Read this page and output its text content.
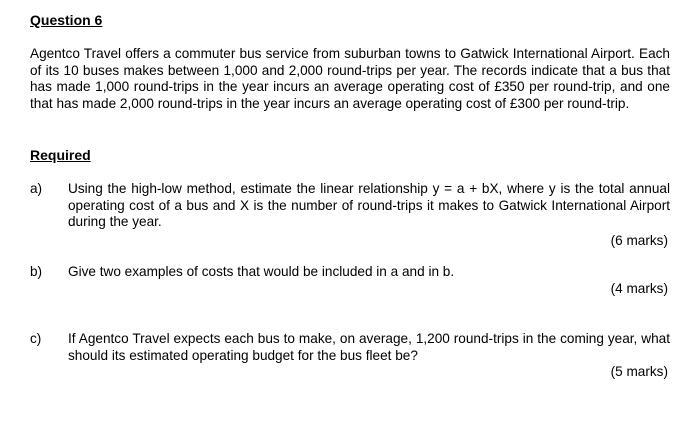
Question 6
Agentco Travel offers a commuter bus service from suburban towns to Gatwick International Airport. Each of its 10 buses makes between 1,000 and 2,000 round-trips per year. The records indicate that a bus that has made 1,000 round-trips in the year incurs an average operating cost of £350 per round-trip, and one that has made 2,000 round-trips in the year incurs an average operating cost of £300 per round-trip.
Required
a) Using the high-low method, estimate the linear relationship y = a + bX, where y is the total annual operating cost of a bus and X is the number of round-trips it makes to Gatwick International Airport during the year.
(6 marks)
b) Give two examples of costs that would be included in a and in b.
(4 marks)
c) If Agentco Travel expects each bus to make, on average, 1,200 round-trips in the coming year, what should its estimated operating budget for the bus fleet be?
(5 marks)
